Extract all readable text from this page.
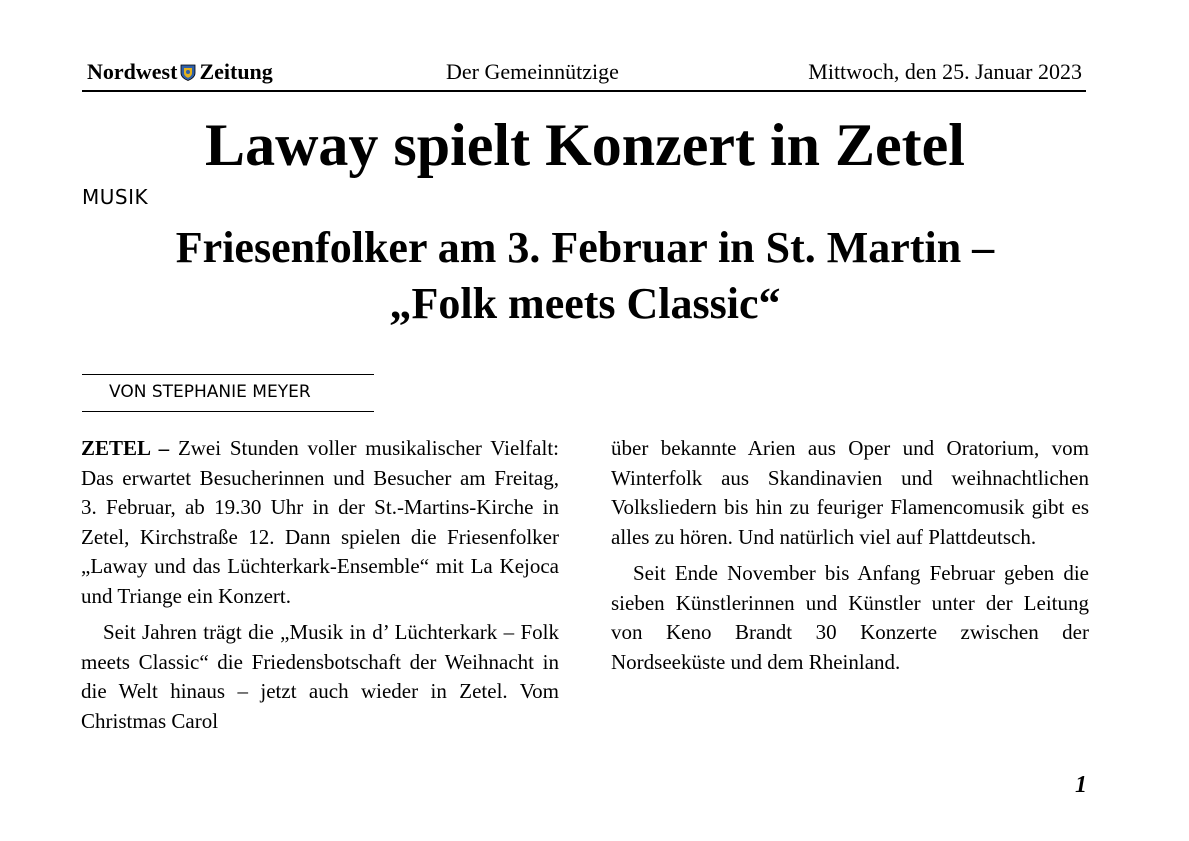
Nordwest Zeitung	Der Gemeinnützige	Mittwoch, den 25. Januar 2023
Laway spielt Konzert in Zetel
MUSIK
Friesenfolker am 3. Februar in St. Martin –
„Folk meets Classic“
VON STEPHANIE MEYER

ZETEL – Zwei Stunden voller musikalischer Vielfalt: Das erwartet Besucherinnen und Besucher am Freitag, 3. Februar, ab 19.30 Uhr in der St.-Martins-Kirche in Zetel, Kirchstraße 12. Dann spielen die Friesenfolker „Laway und das Lüchterkark-Ensemble“ mit La Kejoca und Triange ein Konzert.

Seit Jahren trägt die „Musik in d’ Lüchterkark – Folk meets Classic“ die Friedensbotschaft der Weihnacht in die Welt hinaus – jetzt auch wieder in Zetel. Vom Christmas Carol

über bekannte Arien aus Oper und Oratorium, vom Winterfolk aus Skandinavien und weihnachtlichen Volksliedern bis hin zu feuriger Flamencomusik gibt es alles zu hören. Und natürlich viel auf Plattdeutsch.

Seit Ende November bis Anfang Februar geben die sieben Künstlerinnen und Künstler unter der Leitung von Keno Brandt 30 Konzerte zwischen der Nordseeküste und dem Rheinland.

1
